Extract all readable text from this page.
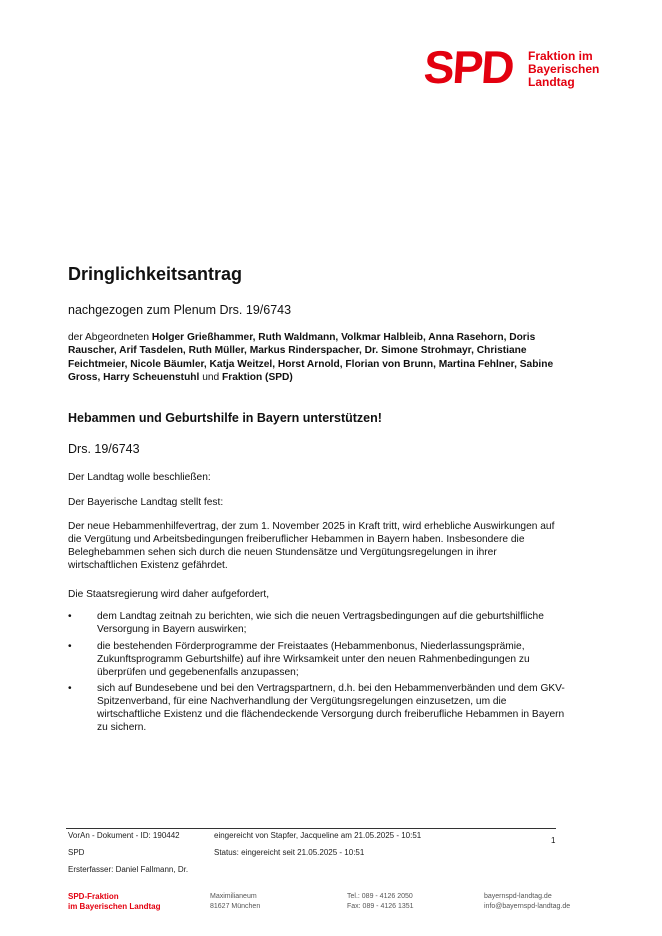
SPD Fraktion im
Bayerischen
Landtag
Dringlichkeitsantrag
nachgezogen zum Plenum Drs. 19/6743
der Abgeordneten Holger Grießhammer, Ruth Waldmann, Volkmar Halbleib, Anna Rasehorn, Doris Rauscher, Arif Tasdelen, Ruth Müller, Markus Rinderspacher, Dr. Simone Strohmayr, Christiane Feichtmeier, Nicole Bäumler, Katja Weitzel, Horst Arnold, Florian von Brunn, Martina Fehlner, Sabine Gross, Harry Scheuenstuhl und Fraktion (SPD)
Hebammen und Geburtshilfe in Bayern unterstützen!
Drs. 19/6743
Der Landtag wolle beschließen:
Der Bayerische Landtag stellt fest:
Der neue Hebammenhilfevertrag, der zum 1. November 2025 in Kraft tritt, wird erhebliche Auswirkungen auf die Vergütung und Arbeitsbedingungen freiberuflicher Hebammen in Bayern haben. Insbesondere die Beleghebammen sehen sich durch die neuen Stundensätze und Vergütungsregelungen in ihrer wirtschaftlichen Existenz gefährdet.
Die Staatsregierung wird daher aufgefordert,
• dem Landtag zeitnah zu berichten, wie sich die neuen Vertragsbedingungen auf die geburtshilfliche Versorgung in Bayern auswirken;
• die bestehenden Förderprogramme der Freistaates (Hebammenbonus, Niederlassungsprämie, Zukunftsprogramm Geburtshilfe) auf ihre Wirksamkeit unter den neuen Rahmenbedingungen zu überprüfen und gegebenenfalls anzupassen;
• sich auf Bundesebene und bei den Vertragspartnern, d.h. bei den Hebammenverbänden und dem GKV-Spitzenverband, für eine Nachverhandlung der Vergütungsregelungen einzusetzen, um die wirtschaftliche Existenz und die flächendeckende Versorgung durch freiberufliche Hebammen in Bayern zu sichern.
VorAn - Dokument - ID: 190442	eingereicht von Stapfer, Jacqueline am 21.05.2025 - 10:51
1
SPD	Status: eingereicht seit 21.05.2025 - 10:51
Ersterfasser: Daniel Fallmann, Dr.
SPD-Fraktion
im Bayerischen Landtag
Maximilianeum
81627 München
Tel.: 089 - 4126 2050
Fax: 089 - 4126 1351
bayernspd-landtag.de
info@bayernspd-landtag.de
